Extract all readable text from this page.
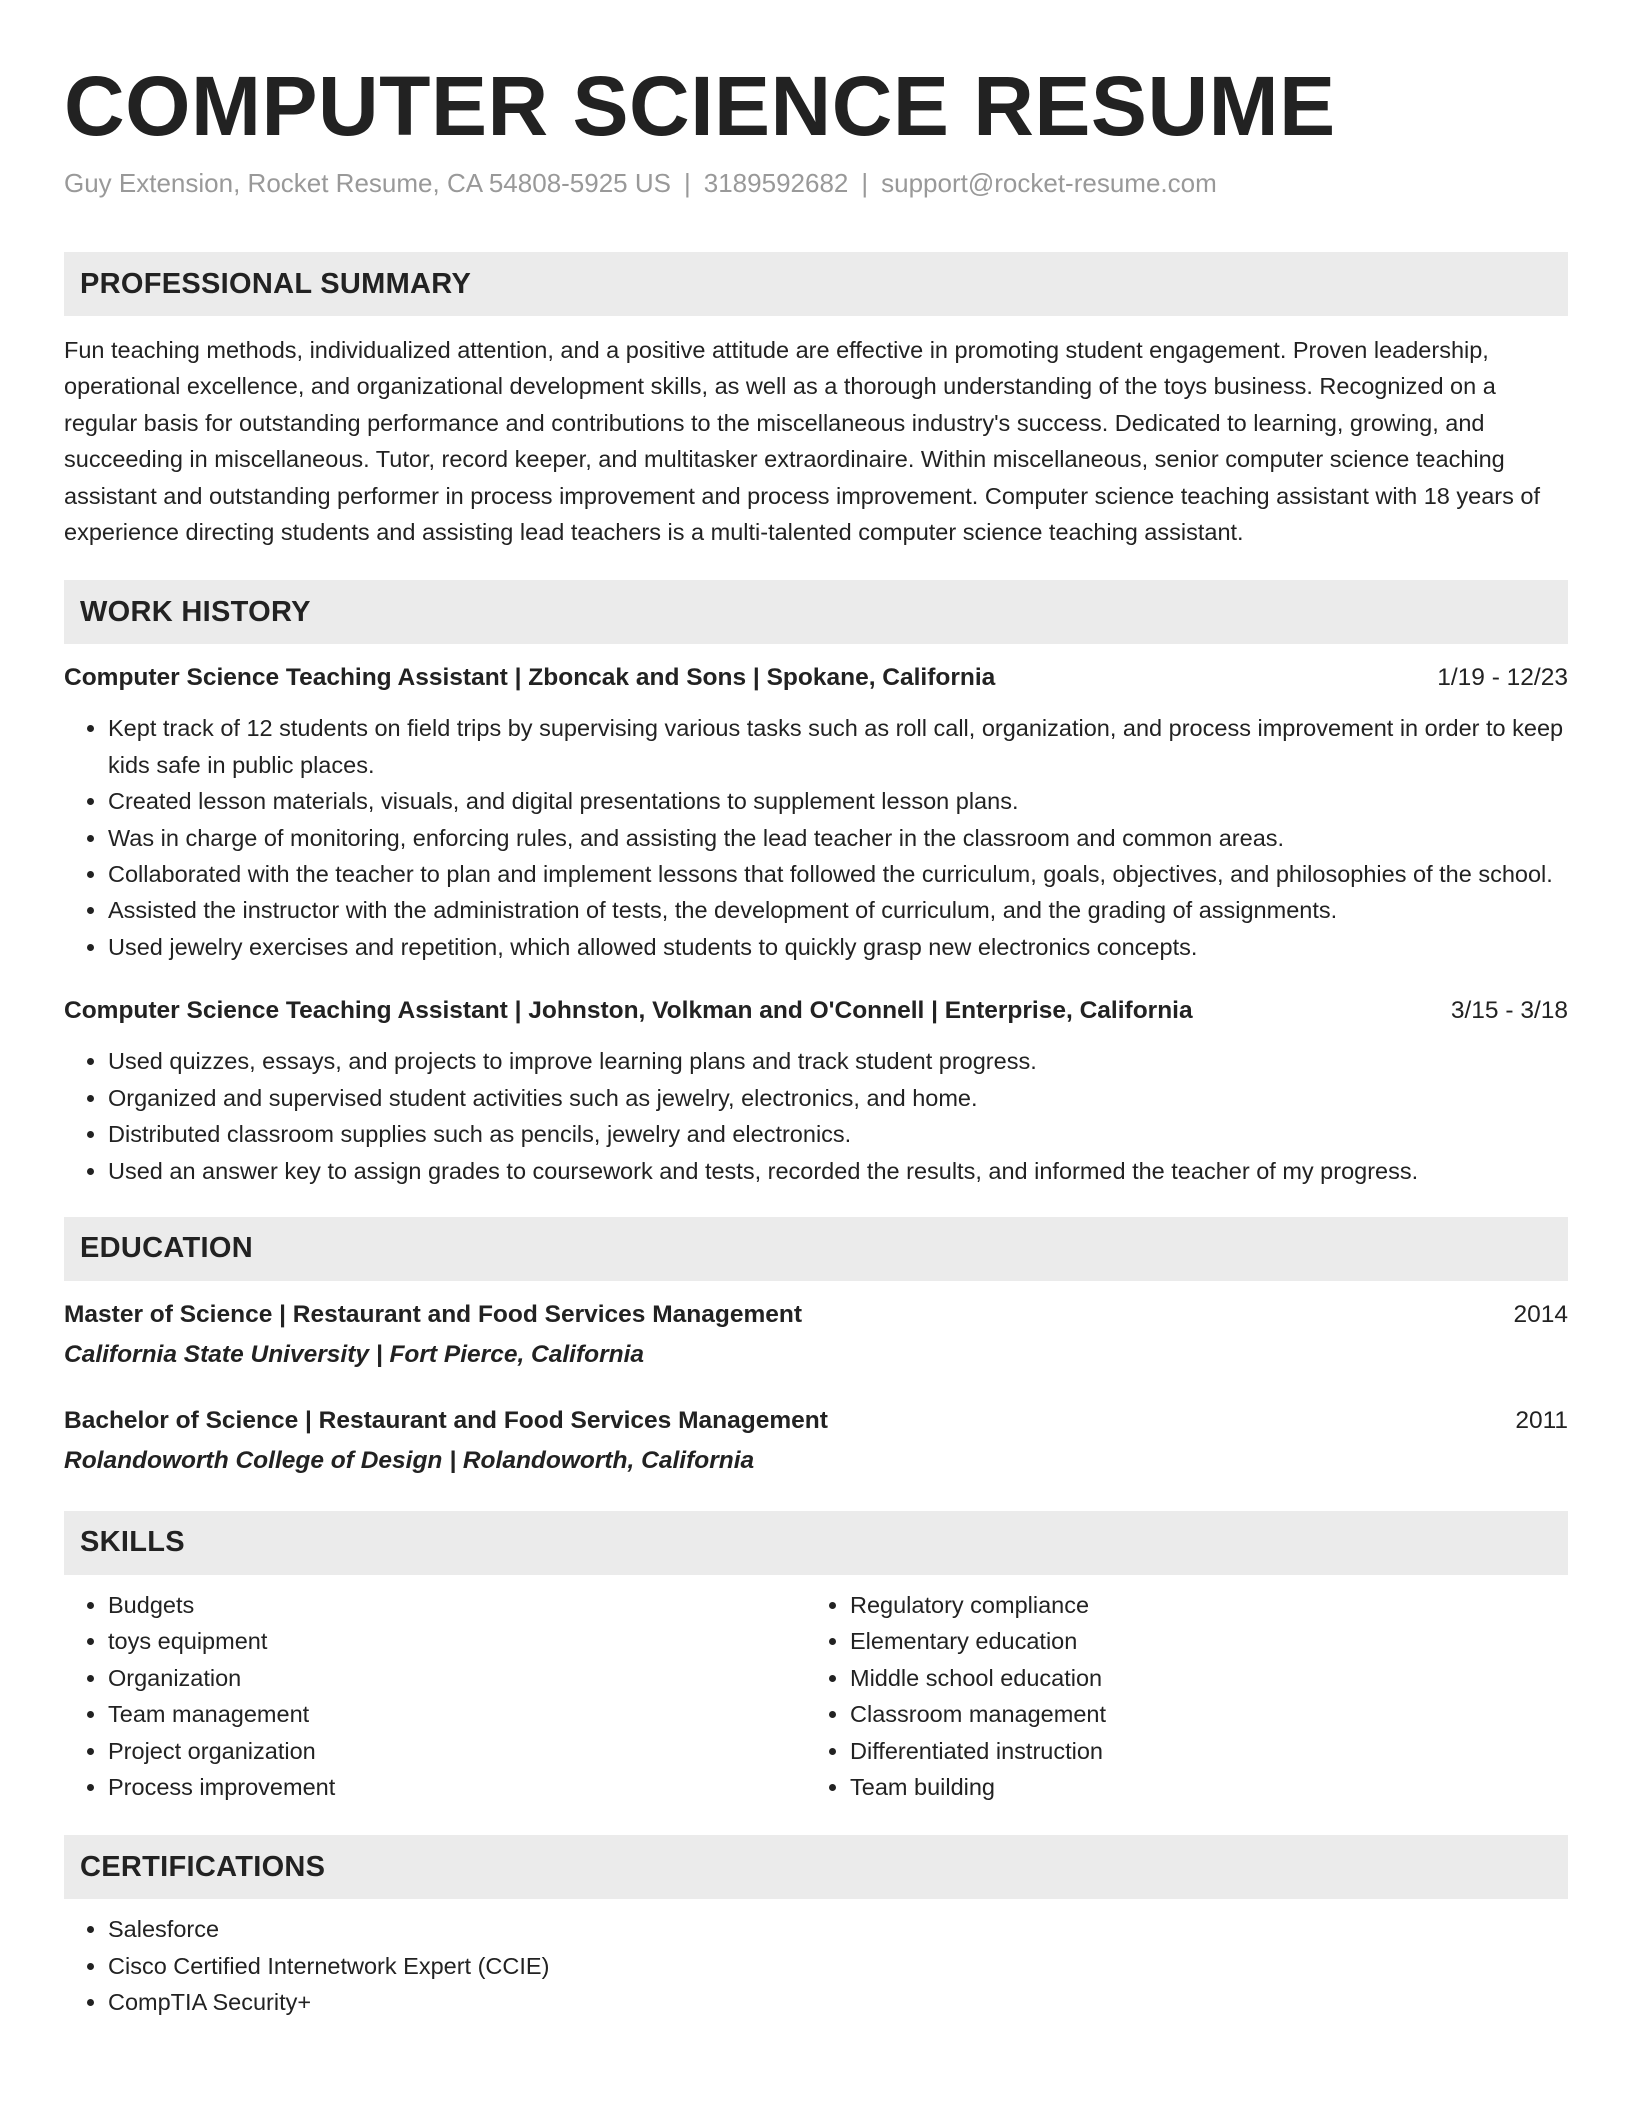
COMPUTER SCIENCE RESUME
Guy Extension, Rocket Resume, CA 54808-5925 US | 3189592682 | support@rocket-resume.com
PROFESSIONAL SUMMARY
Fun teaching methods, individualized attention, and a positive attitude are effective in promoting student engagement. Proven leadership, operational excellence, and organizational development skills, as well as a thorough understanding of the toys business. Recognized on a regular basis for outstanding performance and contributions to the miscellaneous industry's success. Dedicated to learning, growing, and succeeding in miscellaneous. Tutor, record keeper, and multitasker extraordinaire. Within miscellaneous, senior computer science teaching assistant and outstanding performer in process improvement and process improvement. Computer science teaching assistant with 18 years of experience directing students and assisting lead teachers is a multi-talented computer science teaching assistant.
WORK HISTORY
Computer Science Teaching Assistant | Zboncak and Sons | Spokane, California	1/19 - 12/23
• Kept track of 12 students on field trips by supervising various tasks such as roll call, organization, and process improvement in order to keep kids safe in public places.
• Created lesson materials, visuals, and digital presentations to supplement lesson plans.
• Was in charge of monitoring, enforcing rules, and assisting the lead teacher in the classroom and common areas.
• Collaborated with the teacher to plan and implement lessons that followed the curriculum, goals, objectives, and philosophies of the school.
• Assisted the instructor with the administration of tests, the development of curriculum, and the grading of assignments.
• Used jewelry exercises and repetition, which allowed students to quickly grasp new electronics concepts.
Computer Science Teaching Assistant | Johnston, Volkman and O'Connell | Enterprise, California	3/15 - 3/18
• Used quizzes, essays, and projects to improve learning plans and track student progress.
• Organized and supervised student activities such as jewelry, electronics, and home.
• Distributed classroom supplies such as pencils, jewelry and electronics.
• Used an answer key to assign grades to coursework and tests, recorded the results, and informed the teacher of my progress.
EDUCATION
Master of Science | Restaurant and Food Services Management	2014
California State University | Fort Pierce, California
Bachelor of Science | Restaurant and Food Services Management	2011
Rolandoworth College of Design | Rolandoworth, California
SKILLS
• Budgets
• toys equipment
• Organization
• Team management
• Project organization
• Process improvement
• Regulatory compliance
• Elementary education
• Middle school education
• Classroom management
• Differentiated instruction
• Team building
CERTIFICATIONS
• Salesforce
• Cisco Certified Internetwork Expert (CCIE)
• CompTIA Security+
